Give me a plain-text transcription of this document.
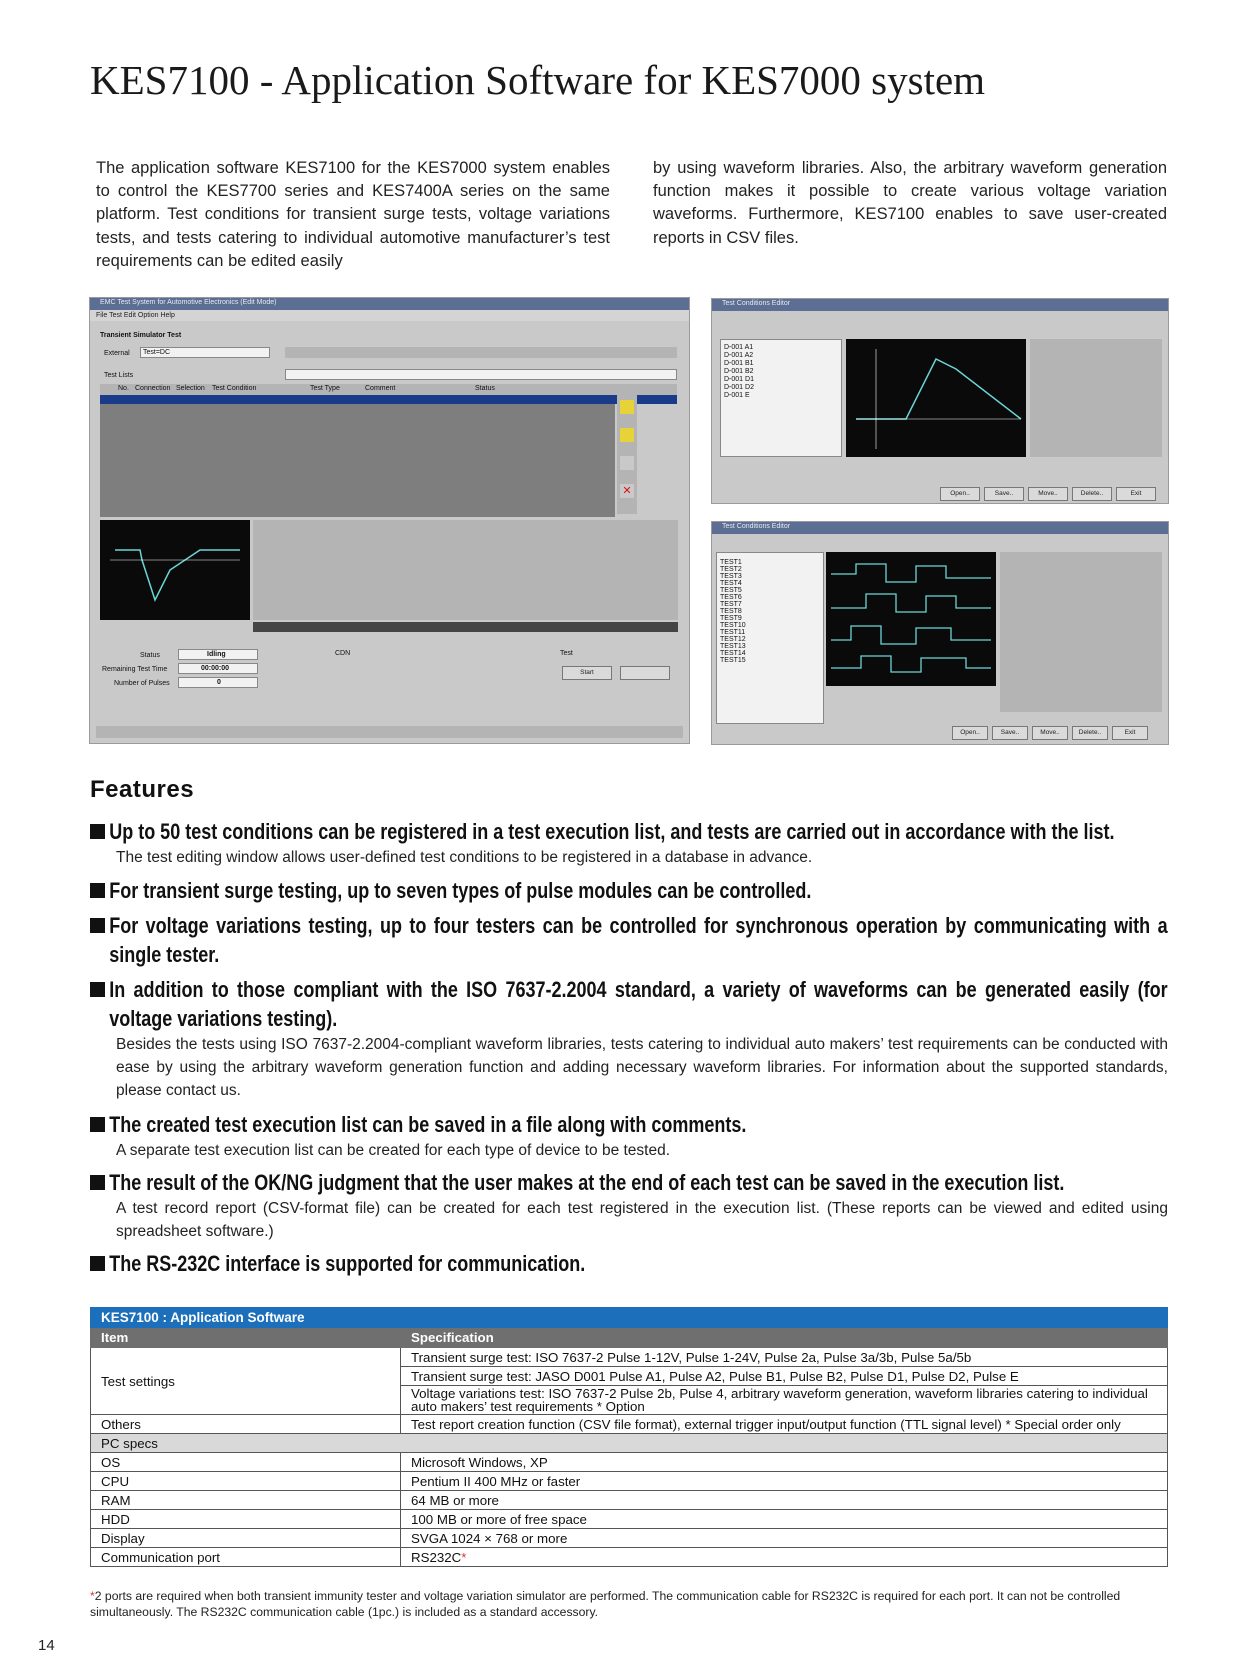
KES7100 - Application Software for KES7000 system
The application software KES7100 for the KES7000 system enables to control the KES7700 series and KES7400A series on the same platform. Test conditions for transient surge tests, voltage variations tests, and tests catering to individual automotive manufacturer’s test requirements can be edited easily
by using waveform libraries. Also, the arbitrary waveform generation function makes it possible to create various voltage variation waveforms. Furthermore, KES7100 enables to save user-created reports in CSV files.
EMC Test System for Automotive Electronics (Edit Mode)
File Test Edit Option Help
Transient Simulator Test
External Test=DC
Test Lists
No. Connection Selection Test Condition	Test Type	Comment	Status
✕
Status	Idling
Remaining Test Time	00:00:00
Number of Pulses	0
CDN	Test
Start
Test Conditions Editor
D-001 A1
D-001 A2
D-001 B1
D-001 B2
D-001 D1
D-001 D2
D-001 E
Open..	Save..	Move..	Delete..	Exit
Test Conditions Editor
TEST1
TEST2
TEST3
TEST4
TEST5
TEST6
TEST7
TEST8
TEST9
TEST10
TEST11
TEST12
TEST13
TEST14
TEST15
Open..	Save..	Move..	Delete..	Exit
Features
Up to 50 test conditions can be registered in a test execution list, and tests are carried out in accordance with the list.
The test editing window allows user-defined test conditions to be registered in a database in advance.
For transient surge testing, up to seven types of pulse modules can be controlled.
For voltage variations testing, up to four testers can be controlled for synchronous operation by communicating with a single tester.
In addition to those compliant with the ISO 7637-2.2004 standard, a variety of waveforms can be generated easily (for voltage variations testing).
Besides the tests using ISO 7637-2.2004-compliant waveform libraries, tests catering to individual auto makers’ test requirements can be conducted with ease by using the arbitrary waveform generation function and adding necessary waveform libraries. For information about the supported standards, please contact us.
The created test execution list can be saved in a file along with comments.
A separate test execution list can be created for each type of device to be tested.
The result of the OK/NG judgment that the user makes at the end of each test can be saved in the execution list.
A test record report (CSV-format file) can be created for each test registered in the execution list. (These reports can be viewed and edited using spreadsheet software.)
The RS-232C interface is supported for communication.
KES7100 : Application Software	
Item	Specification
Test settings	Transient surge test: ISO 7637-2 Pulse 1-12V, Pulse 1-24V, Pulse 2a, Pulse 3a/3b, Pulse 5a/5b
	Transient surge test: JASO D001 Pulse A1, Pulse A2, Pulse B1, Pulse B2, Pulse D1, Pulse D2, Pulse E
	Voltage variations test: ISO 7637-2 Pulse 2b, Pulse 4, arbitrary waveform generation, waveform libraries catering to individual auto makers’ test requirements * Option
Others	Test report creation function (CSV file format), external trigger input/output function (TTL signal level) * Special order only
PC specs	
OS	Microsoft Windows, XP
CPU	Pentium II 400 MHz or faster
RAM	64 MB or more
HDD	100 MB or more of free space
Display	SVGA 1024 × 768 or more
Communication port	RS232C*
*2 ports are required when both transient immunity tester and voltage variation simulator are performed. The communication cable for RS232C is required for each port. It can not be controlled simultaneously. The RS232C communication cable (1pc.) is included as a standard accessory.
14
